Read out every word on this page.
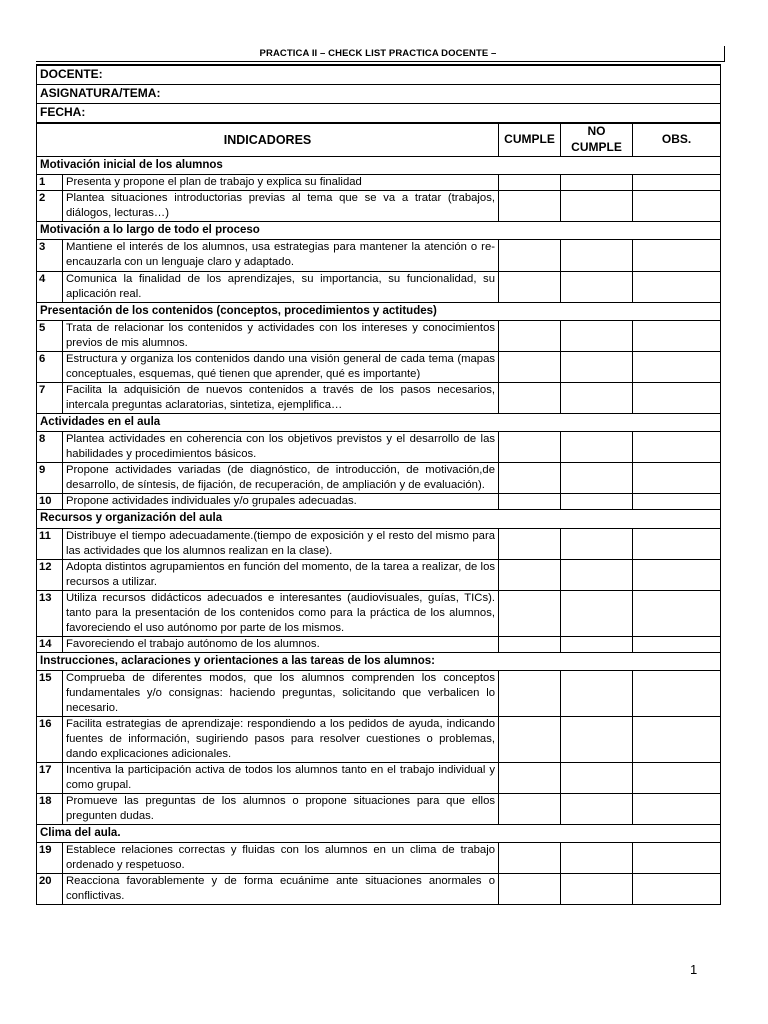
PRACTICA II – CHECK LIST PRACTICA DOCENTE –
DOCENTE:				
ASIGNATURA/TEMA:				
FECHA:				
INDICADORES		CUMPLE	NO CUMPLE	OBS.
Motivación inicial de los alumnos				
1	Presenta y propone el plan de trabajo y explica su finalidad			
2	Plantea situaciones introductorias previas al tema que se va a tratar (trabajos, diálogos, lecturas…)			
Motivación a lo largo de todo el proceso				
3	Mantiene el interés de los alumnos, usa estrategias para mantener la atención o re-encauzarla con un lenguaje claro y adaptado.			
4	Comunica la finalidad de los aprendizajes, su importancia, su funcionalidad, su aplicación real.			
Presentación de los contenidos (conceptos, procedimientos y actitudes)				
5	Trata de relacionar los contenidos y actividades con los intereses y conocimientos previos de mis alumnos.			
6	Estructura y organiza los contenidos dando una visión general de cada tema (mapas conceptuales, esquemas, qué tienen que aprender, qué es importante)			
7	Facilita la adquisición de nuevos contenidos a través de los pasos necesarios, intercala preguntas aclaratorias, sintetiza, ejemplifica…			
Actividades en el aula				
8	Plantea actividades en coherencia con los objetivos previstos y el desarrollo de las habilidades y procedimientos básicos.			
9	Propone actividades variadas (de diagnóstico, de introducción, de motivación,de desarrollo, de síntesis, de fijación, de recuperación, de ampliación y de evaluación).			
10	Propone actividades individuales y/o grupales adecuadas.			
Recursos y organización del aula				
11	Distribuye el tiempo adecuadamente.(tiempo de exposición y el resto del mismo para las actividades que los alumnos realizan en la clase).			
12	Adopta distintos agrupamientos en función del momento, de la tarea a realizar, de los recursos a utilizar.			
13	Utiliza recursos didácticos adecuados e interesantes (audiovisuales, guías, TICs). tanto para la presentación de los contenidos como para la práctica de los alumnos, favoreciendo el uso autónomo por parte de los mismos.			
14	Favoreciendo el trabajo autónomo de los alumnos.			
Instrucciones, aclaraciones y orientaciones a las tareas de los alumnos:				
15	Comprueba de diferentes modos, que los alumnos comprenden los conceptos fundamentales y/o consignas: haciendo preguntas, solicitando que verbalicen lo necesario.			
16	Facilita estrategias de aprendizaje: respondiendo a los pedidos de ayuda, indicando fuentes de información, sugiriendo pasos para resolver cuestiones o problemas, dando explicaciones adicionales.			
17	Incentiva la participación activa de todos los alumnos tanto en el trabajo individual y como grupal.			
18	Promueve las preguntas de los alumnos o propone situaciones para que ellos pregunten dudas.			
Clima del aula.				
19	Establece relaciones correctas y fluidas con los alumnos en un clima de trabajo ordenado y respetuoso.			
20	Reacciona favorablemente y de forma ecuánime ante situaciones anormales o conflictivas.			
1
